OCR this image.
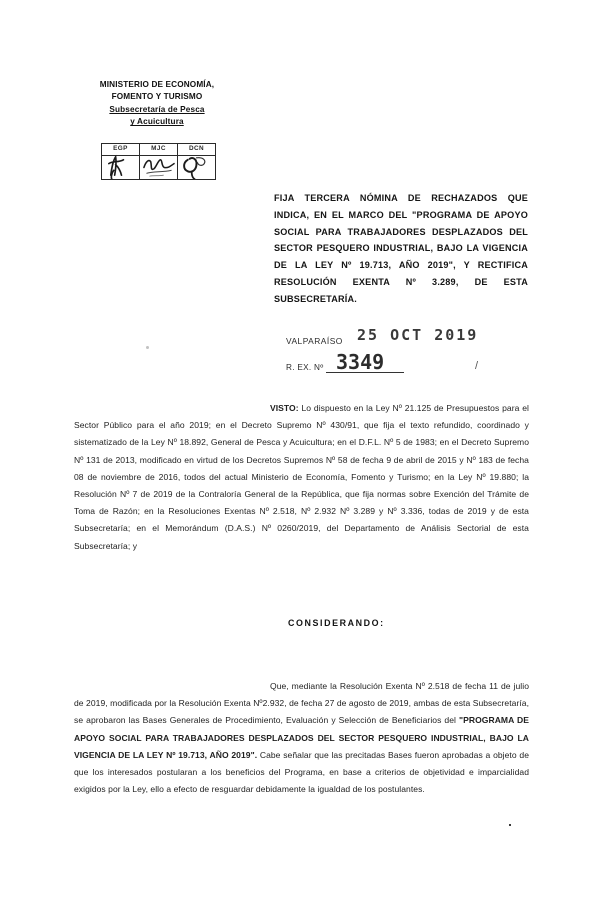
MINISTERIO DE ECONOMÍA,
FOMENTO Y TURISMO
Subsecretaría de Pesca
y Acuicultura
EGP	MJC	DCN
FIJA TERCERA NÓMINA DE RECHAZADOS QUE INDICA, EN EL MARCO DEL "PROGRAMA DE APOYO SOCIAL PARA TRABAJADORES DESPLAZADOS DEL SECTOR PESQUERO INDUSTRIAL, BAJO LA VIGENCIA DE LA LEY Nº 19.713, AÑO 2019", Y RECTIFICA RESOLUCIÓN EXENTA Nº 3.289, DE ESTA SUBSECRETARÍA.
VALPARAÍSO 25 OCT 2019
R. EX. Nº 3349	/
VISTO: Lo dispuesto en la Ley Nº 21.125 de Presupuestos para el Sector Público para el año 2019; en el Decreto Supremo Nº 430/91, que fija el texto refundido, coordinado y sistematizado de la Ley Nº 18.892, General de Pesca y Acuicultura; en el D.F.L. Nº 5 de 1983; en el Decreto Supremo Nº 131 de 2013, modificado en virtud de los Decretos Supremos Nº 58 de fecha 9 de abril de 2015 y Nº 183 de fecha 08 de noviembre de 2016, todos del actual Ministerio de Economía, Fomento y Turismo; en la Ley Nº 19.880; la Resolución Nº 7 de 2019 de la Contraloría General de la República, que fija normas sobre Exención del Trámite de Toma de Razón; en la Resoluciones Exentas Nº 2.518, Nº 2.932 Nº 3.289 y Nº 3.336, todas de 2019 y de esta Subsecretaría; en el Memorándum (D.A.S.) Nº 0260/2019, del Departamento de Análisis Sectorial de esta Subsecretaría; y
CONSIDERANDO:
Que, mediante la Resolución Exenta Nº 2.518 de fecha 11 de julio de 2019, modificada por la Resolución Exenta Nº2.932, de fecha 27 de agosto de 2019, ambas de esta Subsecretaría, se aprobaron las Bases Generales de Procedimiento, Evaluación y Selección de Beneficiarios del "PROGRAMA DE APOYO SOCIAL PARA TRABAJADORES DESPLAZADOS DEL SECTOR PESQUERO INDUSTRIAL, BAJO LA VIGENCIA DE LA LEY Nº 19.713, AÑO 2019". Cabe señalar que las precitadas Bases fueron aprobadas a objeto de que los interesados postularan a los beneficios del Programa, en base a criterios de objetividad e imparcialidad exigidos por la Ley, ello a efecto de resguardar debidamente la igualdad de los postulantes.
